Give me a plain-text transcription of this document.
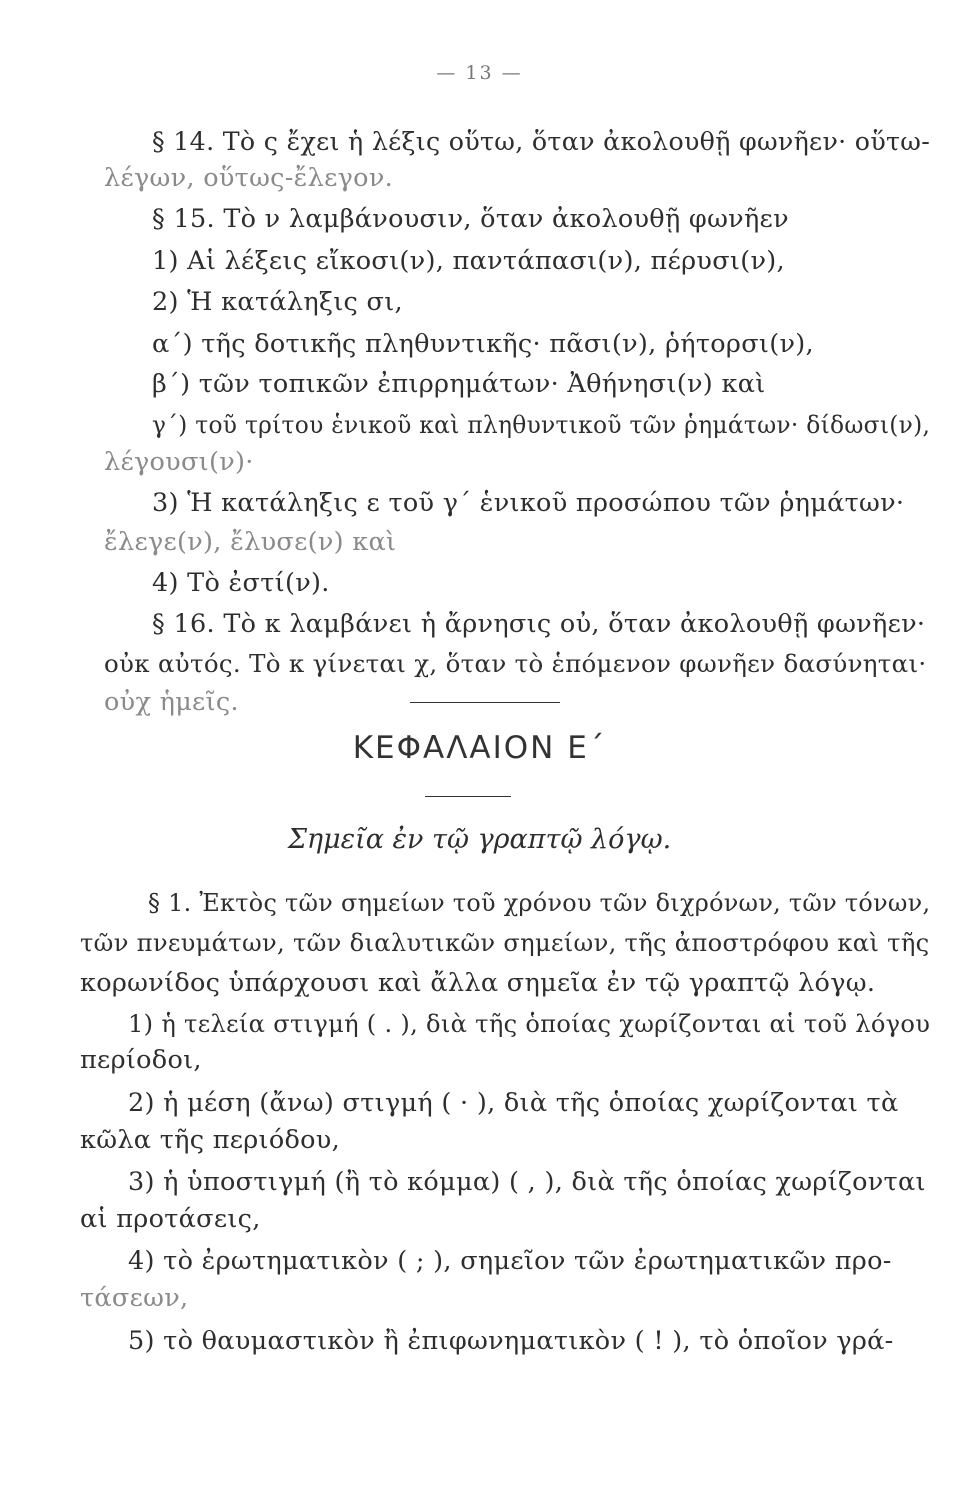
— 13 —
§ 14. Τὸ ς ἔχει ἡ λέξις οὕτω, ὅταν ἀκολουθῇ φωνῆεν· οὕτω-
λέγων, οὕτως-ἔλεγον.
§ 15. Τὸ ν λαμβάνουσιν, ὅταν ἀκολουθῇ φωνῆεν
1) Αἱ λέξεις εἴκοσι(ν), παντάπασι(ν), πέρυσι(ν),
2) Ἡ κατάληξις σι,
α΄) τῆς δοτικῆς πληθυντικῆς· πᾶσι(ν), ῥήτορσι(ν),
β΄) τῶν τοπικῶν ἐπιρρημάτων· Ἀθήνησι(ν) καὶ
γ΄) τοῦ τρίτου ἑνικοῦ καὶ πληθυντικοῦ τῶν ῥημάτων· δίδωσι(ν),
λέγουσι(ν)·
3) Ἡ κατάληξις ε τοῦ γ΄ ἑνικοῦ προσώπου τῶν ῥημάτων·
ἔλεγε(ν), ἔλυσε(ν) καὶ
4) Τὸ ἐστί(ν).
§ 16. Τὸ κ λαμβάνει ἡ ἄρνησις οὐ, ὅταν ἀκολουθῇ φωνῆεν·
οὐκ αὐτός. Τὸ κ γίνεται χ, ὅταν τὸ ἑπόμενον φωνῆεν δασύνηται·
οὐχ ἡμεῖς.
ΚΕΦΑΛΑΙΟΝ Ε΄
Σημεῖα ἐν τῷ γραπτῷ λόγῳ.
§ 1. Ἐκτὸς τῶν σημείων τοῦ χρόνου τῶν διχρόνων, τῶν τόνων,
τῶν πνευμάτων, τῶν διαλυτικῶν σημείων, τῆς ἀποστρόφου καὶ τῆς
κορωνίδος ὑπάρχουσι καὶ ἄλλα σημεῖα ἐν τῷ γραπτῷ λόγῳ.
1) ἡ τελεία στιγμή ( . ), διὰ τῆς ὁποίας χωρίζονται αἱ τοῦ λόγου
περίοδοι,
2) ἡ μέση (ἄνω) στιγμή ( · ), διὰ τῆς ὁποίας χωρίζονται τὰ
κῶλα τῆς περιόδου,
3) ἡ ὑποστιγμή (ἢ τὸ κόμμα) ( , ), διὰ τῆς ὁποίας χωρίζονται
αἱ προτάσεις,
4) τὸ ἐρωτηματικὸν ( ; ), σημεῖον τῶν ἐρωτηματικῶν προ-
τάσεων,
5) τὸ θαυμαστικὸν ἢ ἐπιφωνηματικὸν ( ! ), τὸ ὁποῖον γρά-
